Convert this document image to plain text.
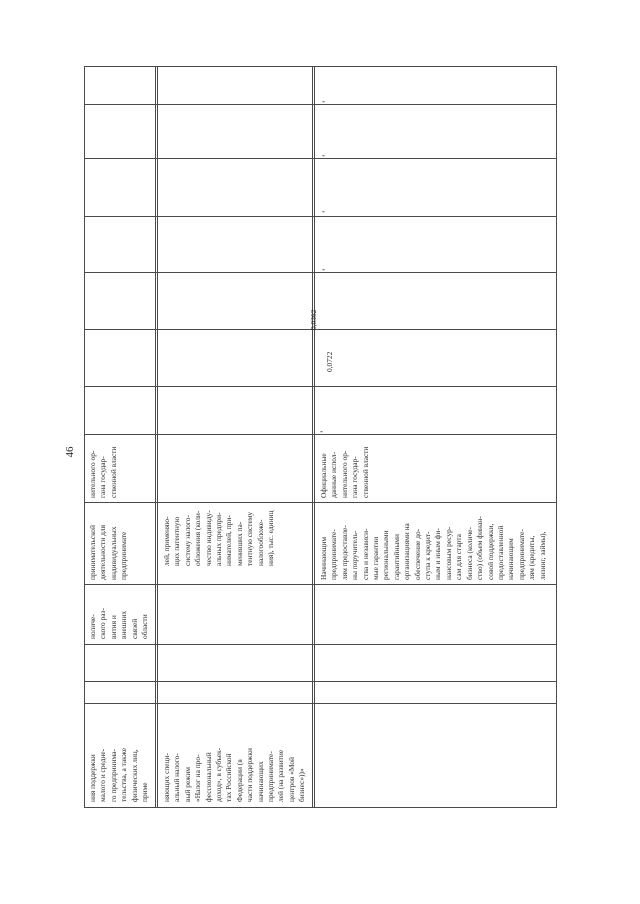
46
ния поддержки
малого и средне-
го предпринима-
тельства, а также
физических лиц,
приме
ноличе-
ского раз-
вития и
внешних
связей
области
принимательской
деятельности для
индивидуальных
предприниматe
нительного ор-
гана государ-
ственной власти
няющих специ-
альный налого-
вый режим
«Налог на про-
фессиональный
доход», в субъек-
тах Российской
Федерации (в
части поддержки
начинающих
предпринимате-
лей (на развитие
центров «Мой
бизнес»))»
лей, применяю-
щих патентную
систему налого-
обложения (коли-
чество индивиду-
альных предпри-
нимателей, при-
менивших па-
тентную систему
налогообложе-
ния), тыс. единиц
Начинающим
предпринимате-
лям предоставле-
ны поручитель-
ства и независи-
мые гарантии
региональными
гарантийными
организациями на
обеспечение до-
ступа к кредит-
ным и иным фи-
нансовым ресур-
сам для старта
бизнеса (количе-
ство) (объем финан-
совой поддержки,
предоставленной
начинающим
предпринимате-
лям (кредиты,
лизинг, займы),
Официальные
данные испол-
нительного ор-
гана государ-
ственной власти
-
0,0722
0,0362
-
-
-
-
